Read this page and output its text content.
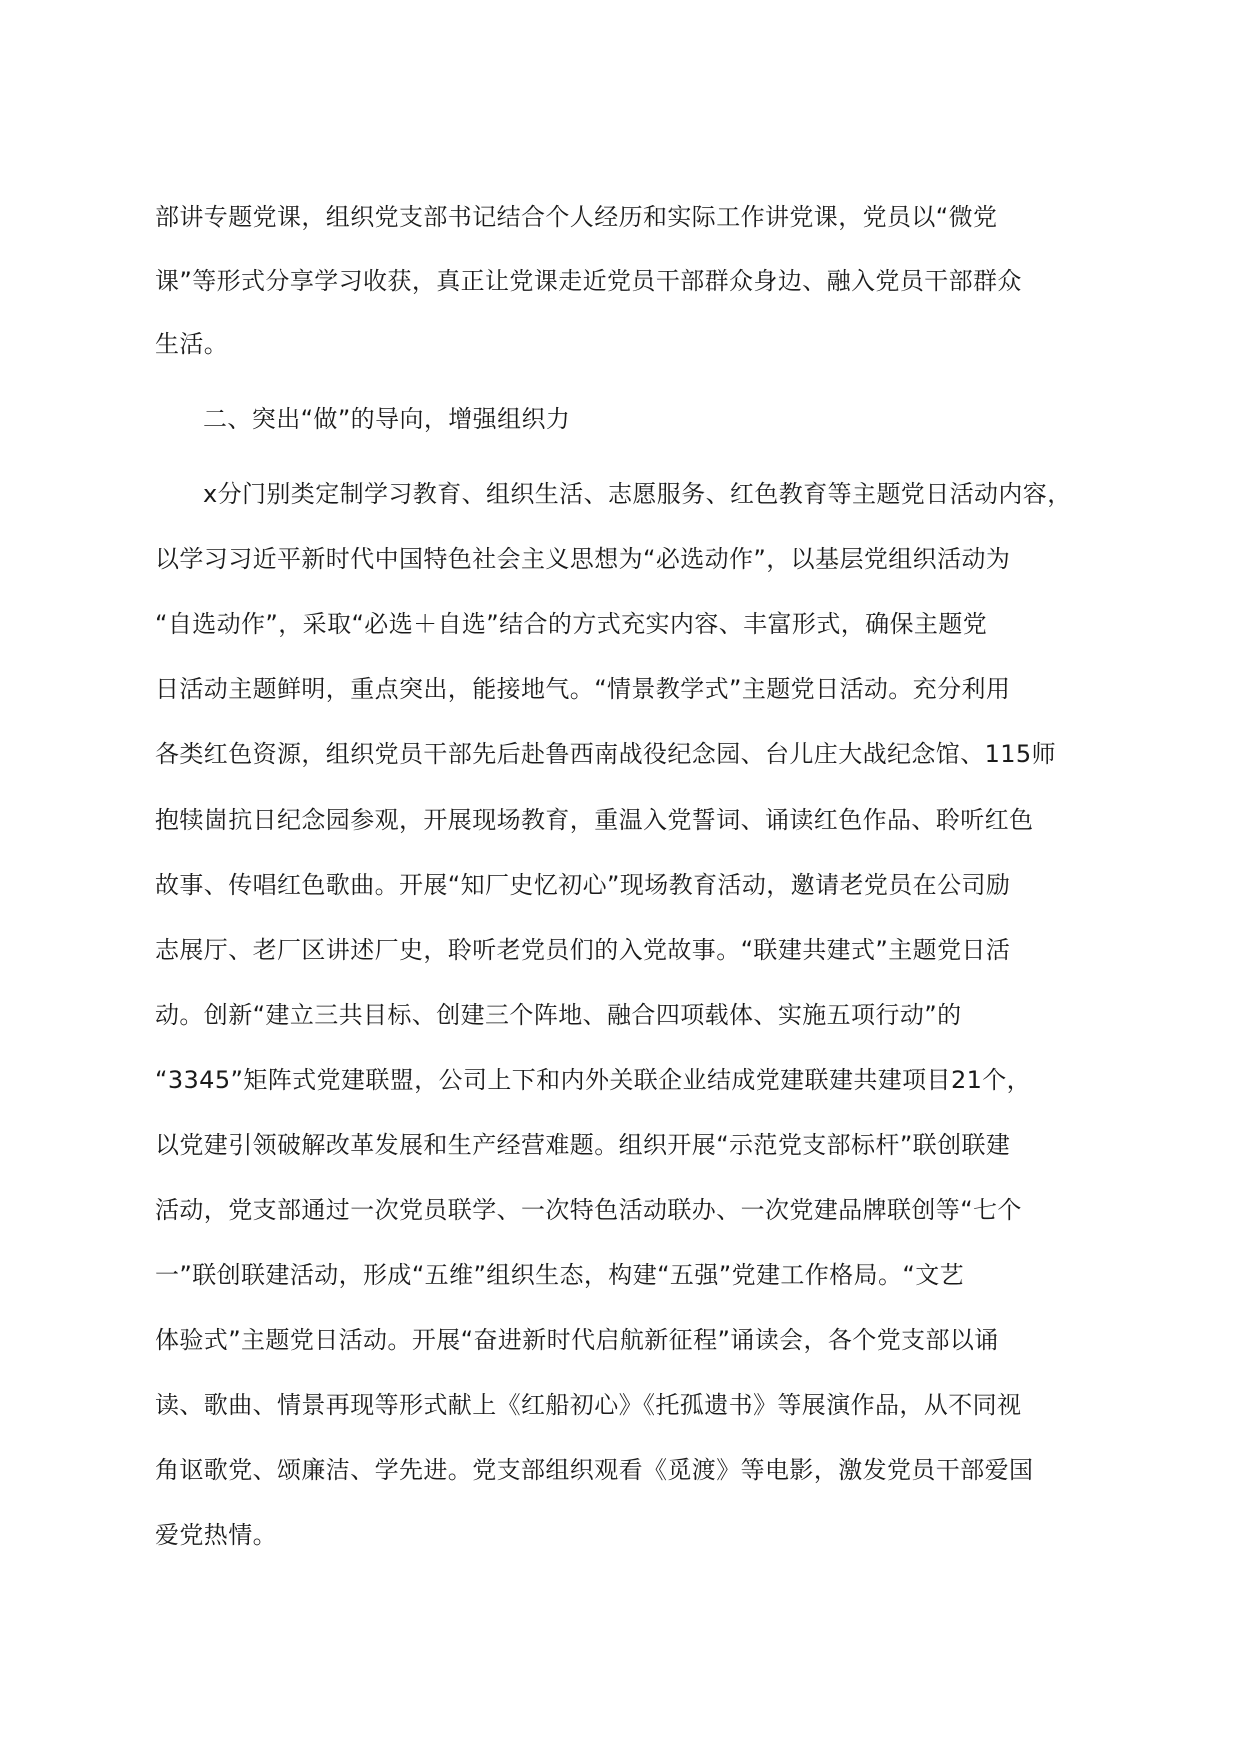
部讲专题党课，组织党支部书记结合个人经历和实际工作讲党课，党员以“微党
课”等形式分享学习收获，真正让党课走近党员干部群众身边、融入党员干部群众
生活。
二、突出“做”的导向，增强组织力
x分门别类定制学习教育、组织生活、志愿服务、红色教育等主题党日活动内容，
以学习习近平新时代中国特色社会主义思想为“必选动作”，以基层党组织活动为
“自选动作”，采取“必选＋自选”结合的方式充实内容、丰富形式，确保主题党
日活动主题鲜明，重点突出，能接地气。“情景教学式”主题党日活动。充分利用
各类红色资源，组织党员干部先后赴鲁西南战役纪念园、台儿庄大战纪念馆、115师
抱犊崮抗日纪念园参观，开展现场教育，重温入党誓词、诵读红色作品、聆听红色
故事、传唱红色歌曲。开展“知厂史忆初心”现场教育活动，邀请老党员在公司励
志展厅、老厂区讲述厂史，聆听老党员们的入党故事。“联建共建式”主题党日活
动。创新“建立三共目标、创建三个阵地、融合四项载体、实施五项行动”的
“3345”矩阵式党建联盟，公司上下和内外关联企业结成党建联建共建项目21个，
以党建引领破解改革发展和生产经营难题。组织开展“示范党支部标杆”联创联建
活动，党支部通过一次党员联学、一次特色活动联办、一次党建品牌联创等“七个
一”联创联建活动，形成“五维”组织生态，构建“五强”党建工作格局。“文艺
体验式”主题党日活动。开展“奋进新时代启航新征程”诵读会，各个党支部以诵
读、歌曲、情景再现等形式献上《红船初心》《托孤遗书》等展演作品，从不同视
角讴歌党、颂廉洁、学先进。党支部组织观看《觅渡》等电影，激发党员干部爱国
爱党热情。
